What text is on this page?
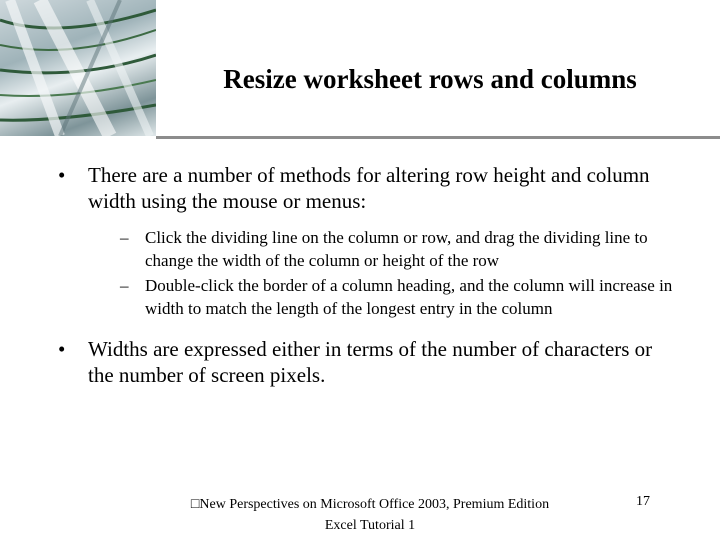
Resize worksheet rows and columns
• There are a number of methods for altering row height and column width using the mouse or menus:
– Click the dividing line on the column or row, and drag the dividing line to change the width of the column or height of the row
– Double-click the border of a column heading, and the column will increase in width to match the length of the longest entry in the column
• Widths are expressed either in terms of the number of characters or the number of screen pixels.
□New Perspectives on Microsoft Office 2003, Premium Edition
Excel Tutorial 1
17
